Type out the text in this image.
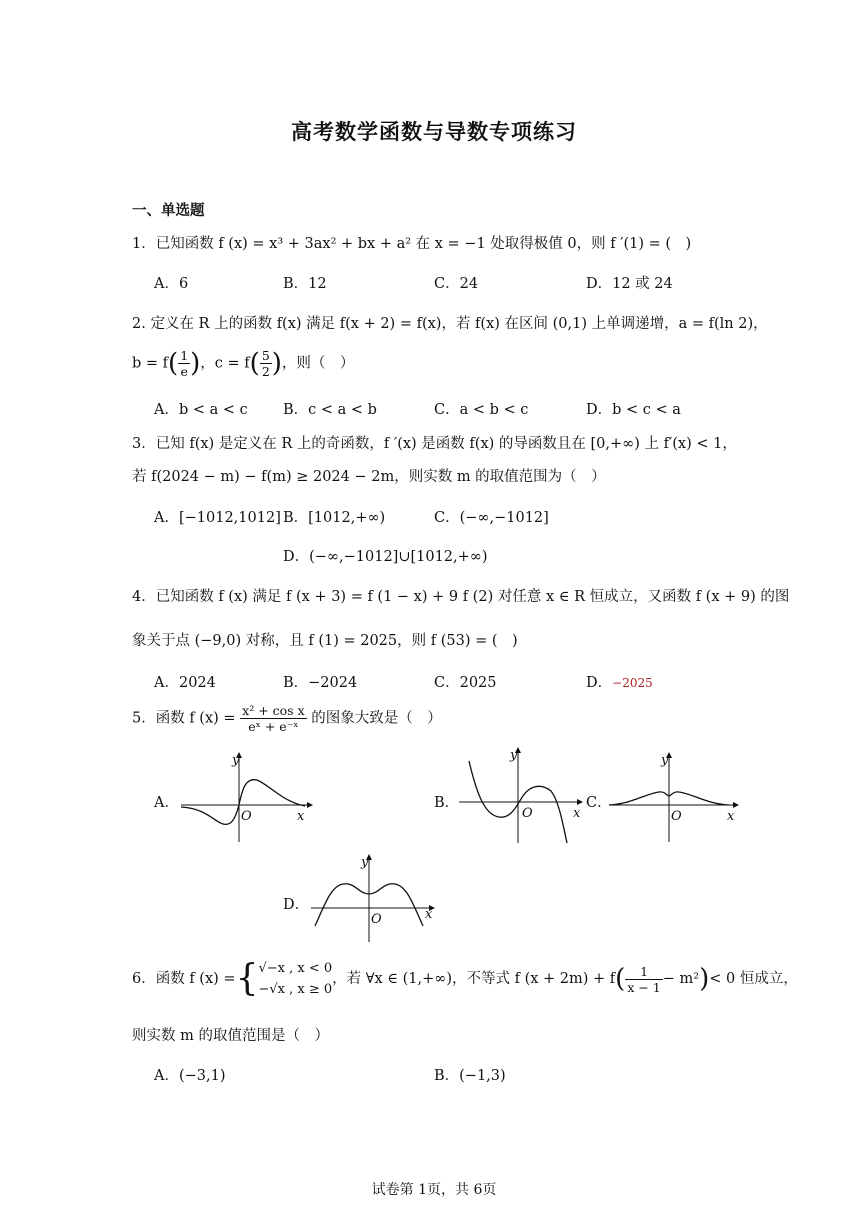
高考数学函数与导数专项练习
一、单选题
1．已知函数 f (x) = x³ + 3ax² + bx + a² 在 x = −1 处取得极值 0，则 f ′(1) = (　)
A．6	B．12	C．24	D．12 或 24
2. 定义在 R 上的函数 f(x) 满足 f(x + 2) = f(x)，若 f(x) 在区间 (0,1) 上单调递增，a = f(ln 2)，
$b = f( \frac{1}{e}$ )，$c = f( \frac{5}{2}$ )，则（　）
A．b < a < c B．c < a < b	C．a < b < c	D．b < c < a
3．已知 f(x) 是定义在 R 上的奇函数，f ′(x) 是函数 f(x) 的导函数且在 [0,+∞) 上 f′(x) < 1，
若 f(2024 − m) − f(m) ≥ 2024 − 2m，则实数 m 的取值范围为（　）
A．[−1012,1012] B．[1012,+∞)	C．(−∞,−1012]
D．(−∞,−1012]∪[1012,+∞)
4．已知函数 f (x) 满足 f (x + 3) = f (1 − x) + 9 f (2) 对任意 x ∈ R 恒成立，又函数 f (x + 9) 的图
象关于点 (−9,0) 对称，且 f (1) = 2025，则 f (53) = (　)
A．2024	B．−2024	C．2025	D．−2025
5．函数 f $(x) = \frac{\text{x² + cos x}}{\text{eˣ + e⁻ˣ}}$ 的图象大致是（　）
A．
y
O	x
B．
y
O	x
C．
y
O	x
D．
y
O	x
6．函数 f (x) ={ √−x , x < 0
−√x , x ≥ 0
，若 ∀x ∈ (1,+∞)，不等式 f $(x + 2m) + f( \frac{1}{x - 1} - m^2)< 0$ 恒成立，
则实数 m 的取值范围是（　）
A．(−3,1)	B．(−1,3)
试卷第 1页，共 6页
